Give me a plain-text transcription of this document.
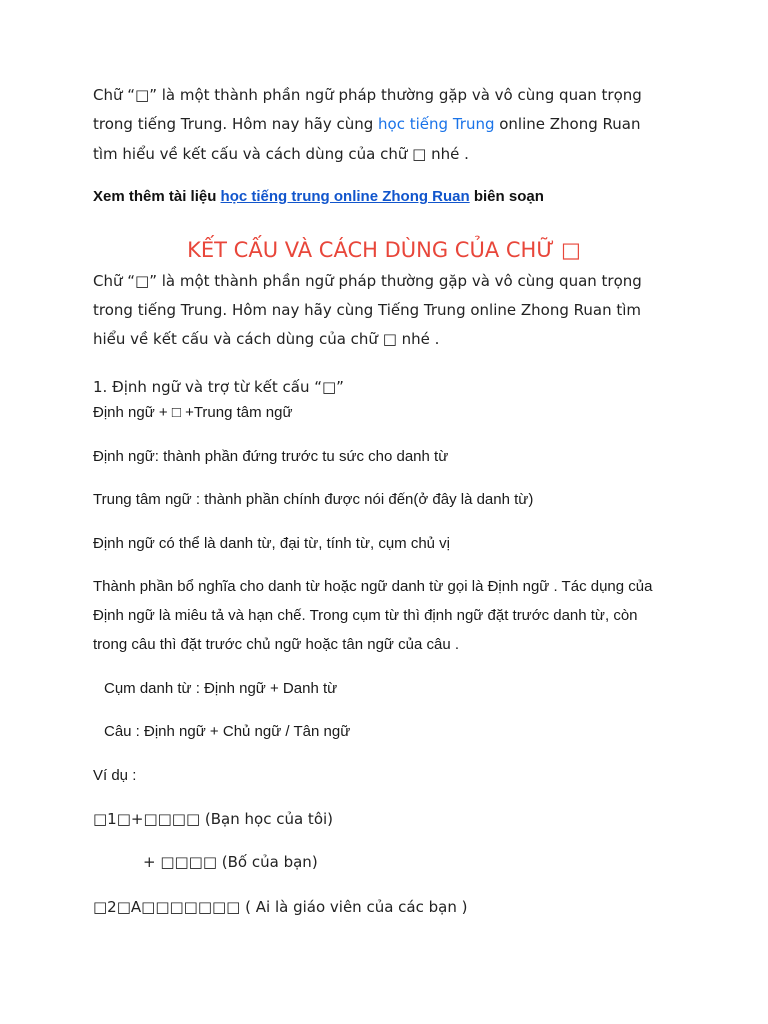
Chữ “□” là một thành phần ngữ pháp thường gặp và vô cùng quan trọng
trong tiếng Trung. Hôm nay hãy cùng học tiếng Trung online Zhong Ruan
tìm hiểu về kết cấu và cách dùng của chữ □ nhé .
Xem thêm tài liệu học tiếng trung online Zhong Ruan biên soạn
KẾT CẤU VÀ CÁCH DÙNG CỦA CHỮ □
Chữ “□” là một thành phần ngữ pháp thường gặp và vô cùng quan trọng
trong tiếng Trung. Hôm nay hãy cùng Tiếng Trung online Zhong Ruan tìm
hiểu về kết cấu và cách dùng của chữ □ nhé .
1. Định ngữ và trợ từ kết cấu “□”
Định ngữ + □ +Trung tâm ngữ
Định ngữ: thành phần đứng trước tu sức cho danh từ
Trung tâm ngữ : thành phần chính được nói đến(ở đây là danh từ)
Định ngữ có thể là danh từ, đại từ, tính từ, cụm chủ vị
Thành phần bổ nghĩa cho danh từ hoặc ngữ danh từ gọi là Định ngữ . Tác dụng của
Định ngữ là miêu tả và hạn chế. Trong cụm từ thì định ngữ đặt trước danh từ, còn
trong câu thì đặt trước chủ ngữ hoặc tân ngữ của câu .
Cụm danh từ : Định ngữ + Danh từ
Câu : Định ngữ + Chủ ngữ / Tân ngữ
Ví dụ :
□1□+□□□□ (Bạn học của tôi)
+ □□□□ (Bố của bạn)
□2□A□□□□□□□ ( Ai là giáo viên của các bạn )
